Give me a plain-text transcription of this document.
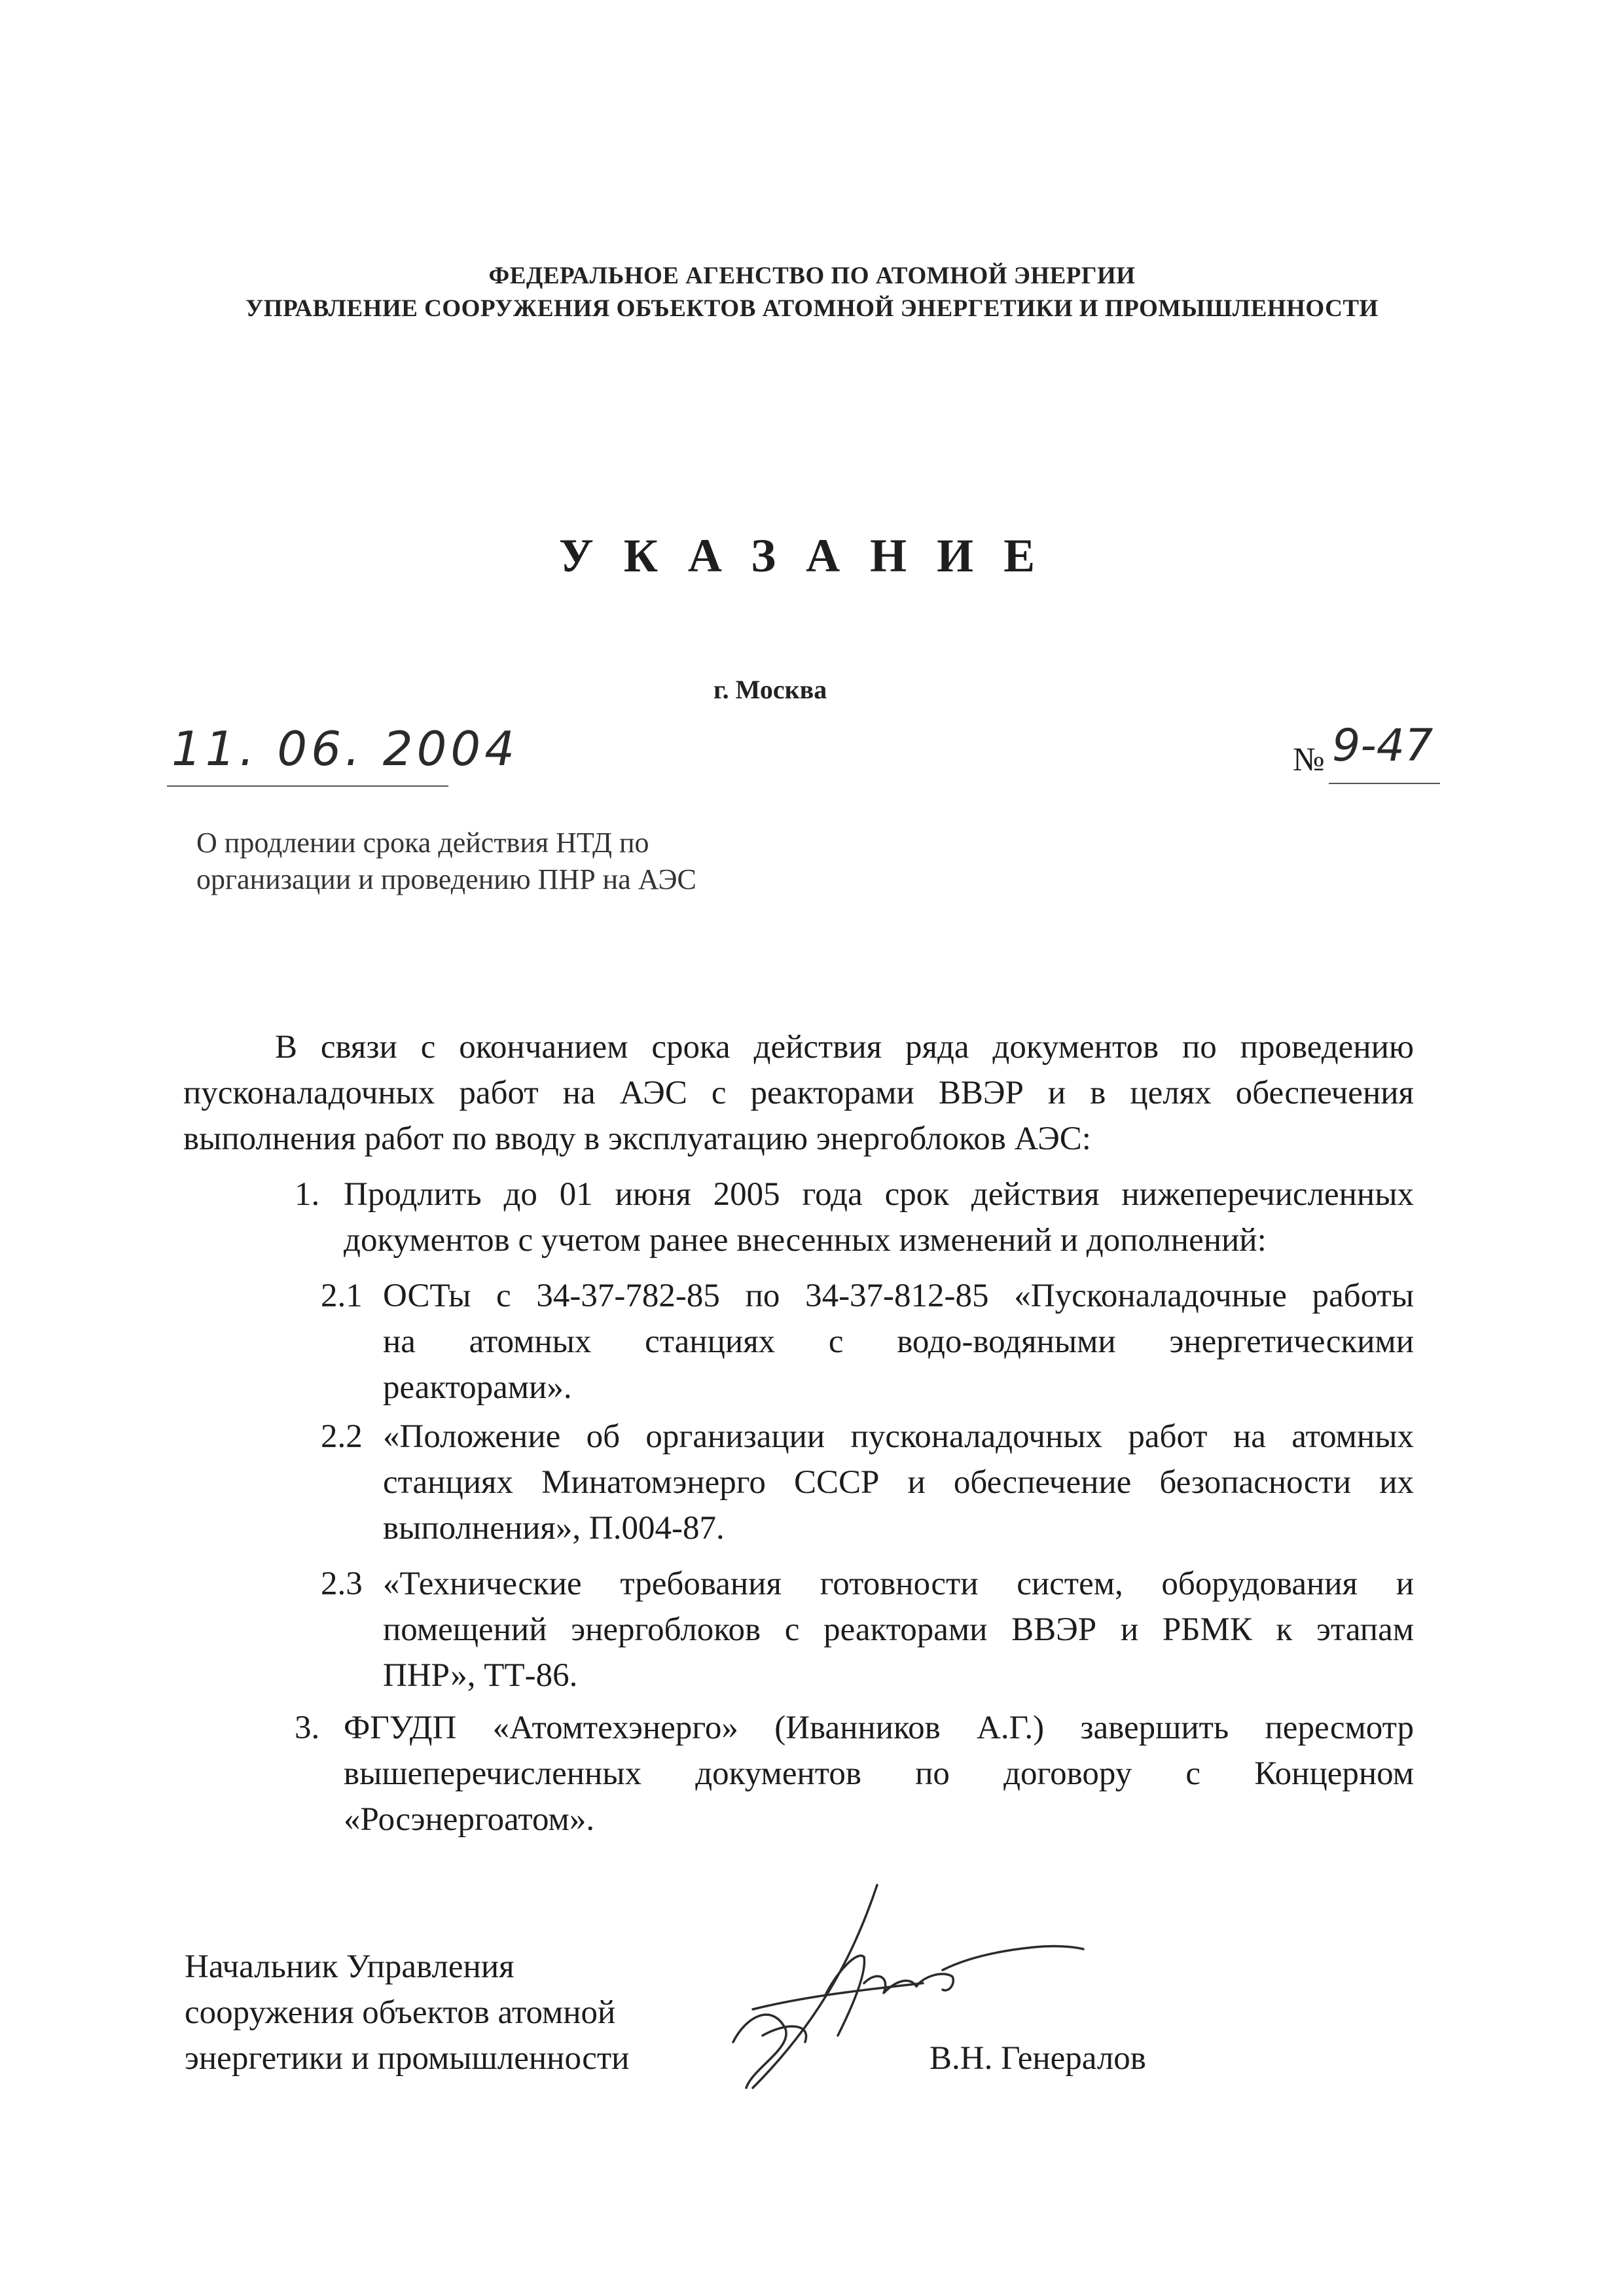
ФЕДЕРАЛЬНОЕ АГЕНСТВО ПО АТОМНОЙ ЭНЕРГИИ
УПРАВЛЕНИЕ СООРУЖЕНИЯ ОБЪЕКТОВ АТОМНОЙ ЭНЕРГЕТИКИ И ПРОМЫШЛЕННОСТИ
УКАЗАНИЕ
г. Москва
11. 06. 2004	№ 9-47
О продлении срока действия НТД по
организации и проведению ПНР на АЭС
В связи с окончанием срока действия ряда документов по проведению
пусконаладочных работ на АЭС с реакторами ВВЭР и в целях обеспечения
выполнения работ по вводу в эксплуатацию энергоблоков АЭС:
1. Продлить до 01 июня 2005 года срок действия нижеперечисленных
документов с учетом ранее внесенных изменений и дополнений:
2.1 ОСТы с 34-37-782-85 по 34-37-812-85 «Пусконаладочные работы
на атомных станциях с водо-водяными энергетическими
реакторами».
2.2 «Положение об организации пусконаладочных работ на атомных
станциях Минатомэнерго СССР и обеспечение безопасности их
выполнения», П.004-87.
2.3 «Технические требования готовности систем, оборудования и
помещений энергоблоков с реакторами ВВЭР и РБМК к этапам
ПНР», ТТ-86.
3. ФГУДП «Атомтехэнерго» (Иванников А.Г.) завершить пересмотр
вышеперечисленных документов по договору с Концерном
«Росэнергоатом».
Начальник Управления
сооружения объектов атомной
энергетики и промышленности	В.Н. Генералов
